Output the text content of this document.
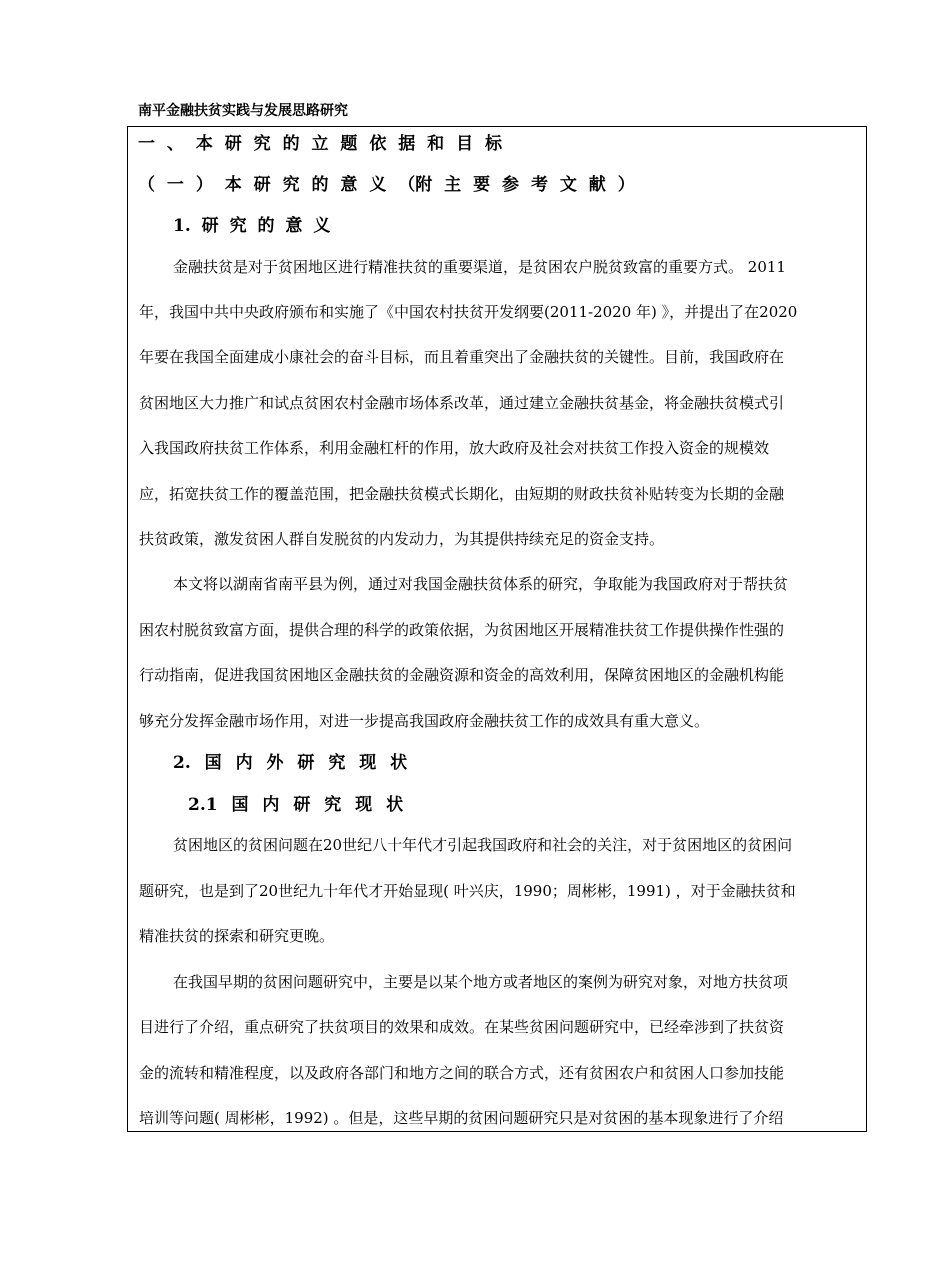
南平金融扶贫实践与发展思路研究
一 、 本 研 究 的 立 题 依 据 和 目 标
（ 一 ） 本 研 究 的 意 义 （附 主 要 参 考 文 献 ）
1. 研 究 的 意 义
金融扶贫是对于贫困地区进行精准扶贫的重要渠道，是贫困农户脱贫致富的重要方式。 2011
年，我国中共中央政府颁布和实施了《中国农村扶贫开发纲要(2011-2020 年) 》，并提出了在2020
年要在我国全面建成小康社会的奋斗目标，而且着重突出了金融扶贫的关键性。目前，我国政府在
贫困地区大力推广和试点贫困农村金融市场体系改革，通过建立金融扶贫基金，将金融扶贫模式引
入我国政府扶贫工作体系，利用金融杠杆的作用，放大政府及社会对扶贫工作投入资金的规模效
应，拓宽扶贫工作的覆盖范围，把金融扶贫模式长期化，由短期的财政扶贫补贴转变为长期的金融
扶贫政策，激发贫困人群自发脱贫的内发动力，为其提供持续充足的资金支持。
本文将以湖南省南平县为例，通过对我国金融扶贫体系的研究，争取能为我国政府对于帮扶贫
困农村脱贫致富方面，提供合理的科学的政策依据，为贫困地区开展精准扶贫工作提供操作性强的
行动指南，促进我国贫困地区金融扶贫的金融资源和资金的高效利用，保障贫困地区的金融机构能
够充分发挥金融市场作用，对进一步提高我国政府金融扶贫工作的成效具有重大意义。
2. 国 内 外 研 究 现 状
2.1 国 内 研 究 现 状
贫困地区的贫困问题在20世纪八十年代才引起我国政府和社会的关注，对于贫困地区的贫困问
题研究，也是到了20世纪九十年代才开始显现( 叶兴庆，1990；周彬彬，1991) ，对于金融扶贫和
精准扶贫的探索和研究更晚。
在我国早期的贫困问题研究中，主要是以某个地方或者地区的案例为研究对象，对地方扶贫项
目进行了介绍，重点研究了扶贫项目的效果和成效。在某些贫困问题研究中，已经牵涉到了扶贫资
金的流转和精准程度，以及政府各部门和地方之间的联合方式，还有贫困农户和贫困人口参加技能
培训等问题( 周彬彬，1992) 。但是，这些早期的贫困问题研究只是对贫困的基本现象进行了介绍
